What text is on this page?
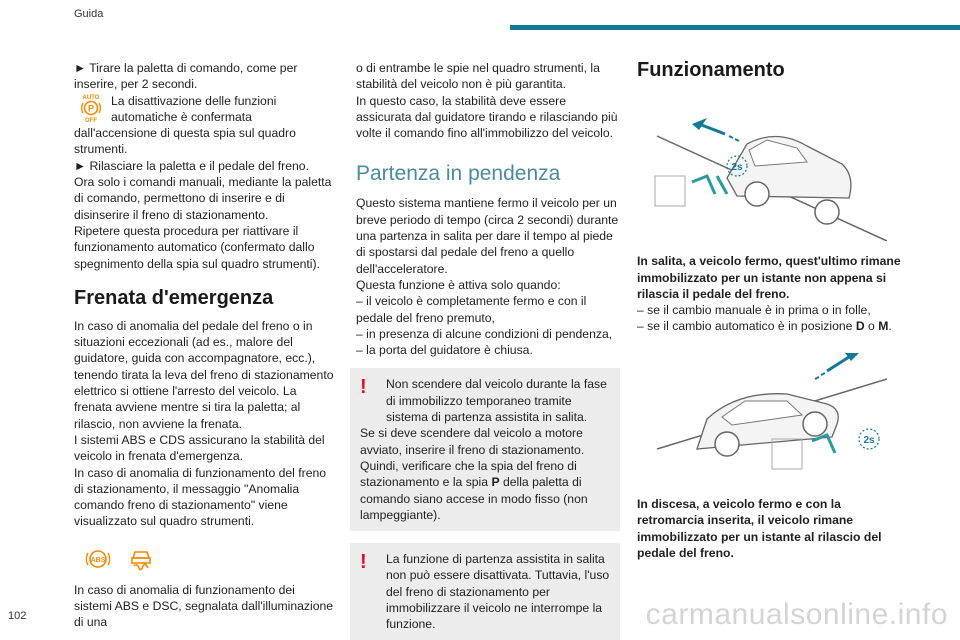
Guida

► Tirare la paletta di comando, come per inserire, per 2 secondi.

AUTO
P
OFF

La disattivazione delle funzioni automatiche è confermata dall'accensione di questa spia sul quadro strumenti.

► Rilasciare la paletta e il pedale del freno.

Ora solo i comandi manuali, mediante la paletta di comando, permettono di inserire e di disinserire il freno di stazionamento.

Ripetere questa procedura per riattivare il funzionamento automatico (confermato dallo spegnimento della spia sul quadro strumenti).

Frenata d'emergenza

In caso di anomalia del pedale del freno o in situazioni eccezionali (ad es., malore del guidatore, guida con accompagnatore, ecc.), tenendo tirata la leva del freno di stazionamento elettrico si ottiene l'arresto del veicolo. La frenata avviene mentre si tira la paletta; al rilascio, non avviene la frenata.

I sistemi ABS e CDS assicurano la stabilità del veicolo in frenata d'emergenza.

In caso di anomalia di funzionamento del freno di stazionamento, il messaggio "Anomalia comando freno di stazionamento" viene visualizzato sul quadro strumenti.

ABS

In caso di anomalia di funzionamento dei sistemi ABS e DSC, segnalata dall'illuminazione di una

o di entrambe le spie nel quadro strumenti, la stabilità del veicolo non è più garantita.

In questo caso, la stabilità deve essere assicurata dal guidatore tirando e rilasciando più volte il comando fino all'immobilizzo del veicolo.

Partenza in pendenza

Questo sistema mantiene fermo il veicolo per un breve periodo di tempo (circa 2 secondi) durante una partenza in salita per dare il tempo al piede di spostarsi dal pedale del freno a quello dell'acceleratore.

Questa funzione è attiva solo quando:

– il veicolo è completamente fermo e con il pedale del freno premuto,

– in presenza di alcune condizioni di pendenza,

– la porta del guidatore è chiusa.

!	Non scendere dal veicolo durante la fase di immobilizzo temporaneo tramite sistema di partenza assistita in salita.

Se si deve scendere dal veicolo a motore avviato, inserire il freno di stazionamento.

Quindi, verificare che la spia del freno di stazionamento e la spia P della paletta di comando siano accese in modo fisso (non lampeggiante).

!	La funzione di partenza assistita in salita non può essere disattivata. Tuttavia, l'uso del freno di stazionamento per immobilizzare il veicolo ne interrompe la funzione.

Funzionamento
2s

In salita, a veicolo fermo, quest'ultimo rimane immobilizzato per un istante non appena si rilascia il pedale del freno.

– se il cambio manuale è in prima o in folle,

– se il cambio automatico è in posizione D o M.

2s

In discesa, a veicolo fermo e con la retromarcia inserita, il veicolo rimane immobilizzato per un istante al rilascio del pedale del freno.

102	carmanualsonline.info
